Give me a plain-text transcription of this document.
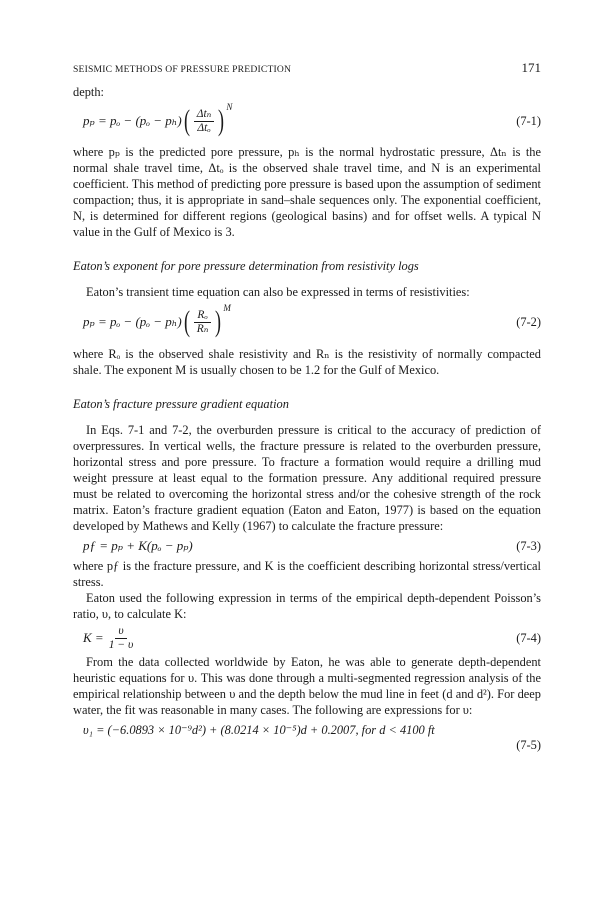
SEISMIC METHODS OF PRESSURE PREDICTION	171

depth:

pₚ = pₒ − (pₒ − pₕ) ( $\frac{\text{Δtₙ}}{\text{Δtₒ}} )^N$
(7-1)

where pₚ is the predicted pore pressure, pₕ is the normal hydrostatic pressure, Δtₙ is the normal shale travel time, Δtₒ is the observed shale travel time, and N is an experimental coefficient. This method of predicting pore pressure is based upon the assumption of sediment compaction; thus, it is appropriate in sand–shale sequences only. The exponential coefficient, N, is determined for different regions (geological basins) and for offset wells. A typical N value in the Gulf of Mexico is 3.

Eaton’s exponent for pore pressure determination from resistivity logs

Eaton’s transient time equation can also be expressed in terms of resistivities:

pₚ = pₒ − (pₒ − pₕ) ( $\frac{\text{Rₒ}}{\text{Rₙ}} )^M$
(7-2)

where Rₒ is the observed shale resistivity and Rₙ is the resistivity of normally compacted shale. The exponent M is usually chosen to be 1.2 for the Gulf of Mexico.

Eaton’s fracture pressure gradient equation

In Eqs. 7-1 and 7-2, the overburden pressure is critical to the accuracy of prediction of overpressures. In vertical wells, the fracture pressure is related to the overburden pressure, horizontal stress and pore pressure. To fracture a formation would require a drilling mud weight pressure at least equal to the formation pressure. Any additional required pressure must be related to overcoming the horizontal stress and/or the cohesive strength of the rock matrix. Eaton’s fracture gradient equation (Eaton and Eaton, 1977) is based on the equation developed by Mathews and Kelly (1967) to calculate the fracture pressure:

pƒ = pₚ + K(pₒ − pₚ)	(7-3)

where pƒ is the fracture pressure, and K is the coefficient describing horizontal stress/vertical stress.

Eaton used the following expression in terms of the empirical depth-dependent Poisson’s ratio, υ, to calculate K:

$K = \frac{\upsilon}{1 - \upsilon}$	(7-4)

From the data collected worldwide by Eaton, he was able to generate depth-dependent heuristic equations for υ. This was done through a multi-segmented regression analysis of the empirical relationship between υ and the depth below the mud line in feet (d and d²). For deep water, the fit was reasonable in many cases. The following are expressions for υ:

υ₁ = (−6.0893 × 10⁻⁹d²) + (8.0214 × 10⁻⁵)d + 0.2007, for d < 4100 ft
(7-5)
